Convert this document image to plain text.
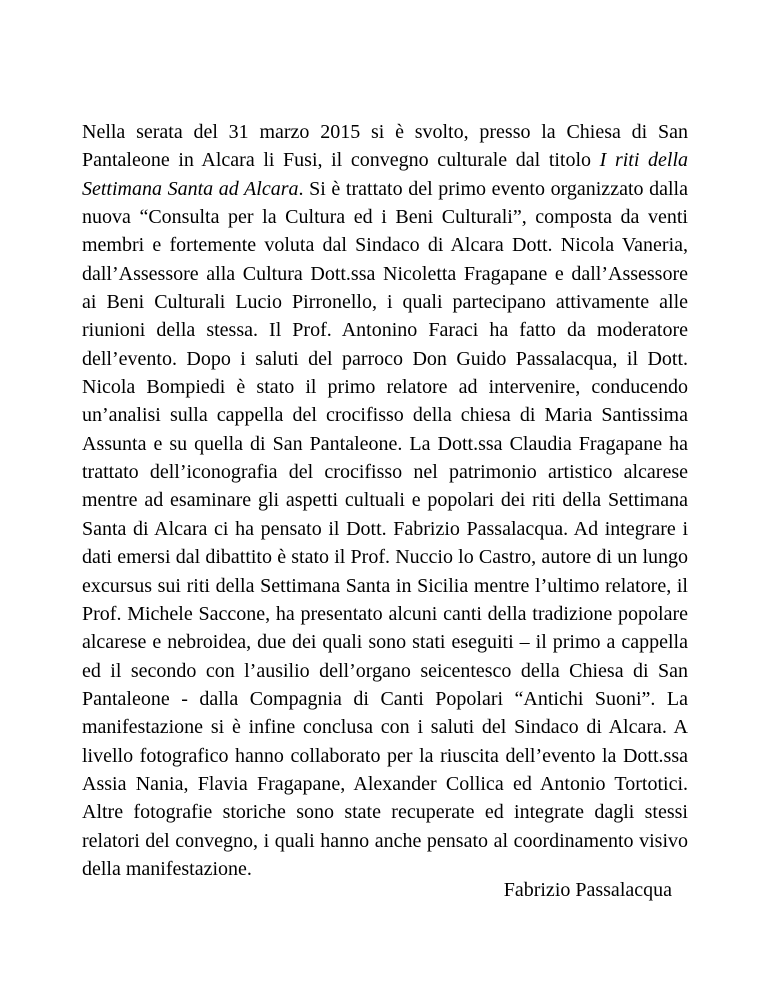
Nella serata del 31 marzo 2015 si è svolto, presso la Chiesa di San Pantaleone in Alcara li Fusi, il convegno culturale dal titolo I riti della Settimana Santa ad Alcara. Si è trattato del primo evento organizzato dalla nuova “Consulta per la Cultura ed i Beni Culturali”, composta da venti membri e fortemente voluta dal Sindaco di Alcara Dott. Nicola Vaneria, dall’Assessore alla Cultura Dott.ssa Nicoletta Fragapane e dall’Assessore ai Beni Culturali Lucio Pirronello, i quali partecipano attivamente alle riunioni della stessa. Il Prof. Antonino Faraci ha fatto da moderatore dell’evento. Dopo i saluti del parroco Don Guido Passalacqua, il Dott. Nicola Bompiedi è stato il primo relatore ad intervenire, conducendo un’analisi sulla cappella del crocifisso della chiesa di Maria Santissima Assunta e su quella di San Pantaleone. La Dott.ssa Claudia Fragapane ha trattato dell’iconografia del crocifisso nel patrimonio artistico alcarese mentre ad esaminare gli aspetti cultuali e popolari dei riti della Settimana Santa di Alcara ci ha pensato il Dott. Fabrizio Passalacqua. Ad integrare i dati emersi dal dibattito è stato il Prof. Nuccio lo Castro, autore di un lungo excursus sui riti della Settimana Santa in Sicilia mentre l’ultimo relatore, il Prof. Michele Saccone, ha presentato alcuni canti della tradizione popolare alcarese e nebroidea, due dei quali sono stati eseguiti – il primo a cappella ed il secondo con l’ausilio dell’organo seicentesco della Chiesa di San Pantaleone - dalla Compagnia di Canti Popolari “Antichi Suoni”. La manifestazione si è infine conclusa con i saluti del Sindaco di Alcara. A livello fotografico hanno collaborato per la riuscita dell’evento la Dott.ssa Assia Nania, Flavia Fragapane, Alexander Collica ed Antonio Tortotici. Altre fotografie storiche sono state recuperate ed integrate dagli stessi relatori del convegno, i quali hanno anche pensato al coordinamento visivo della manifestazione.

Fabrizio Passalacqua
